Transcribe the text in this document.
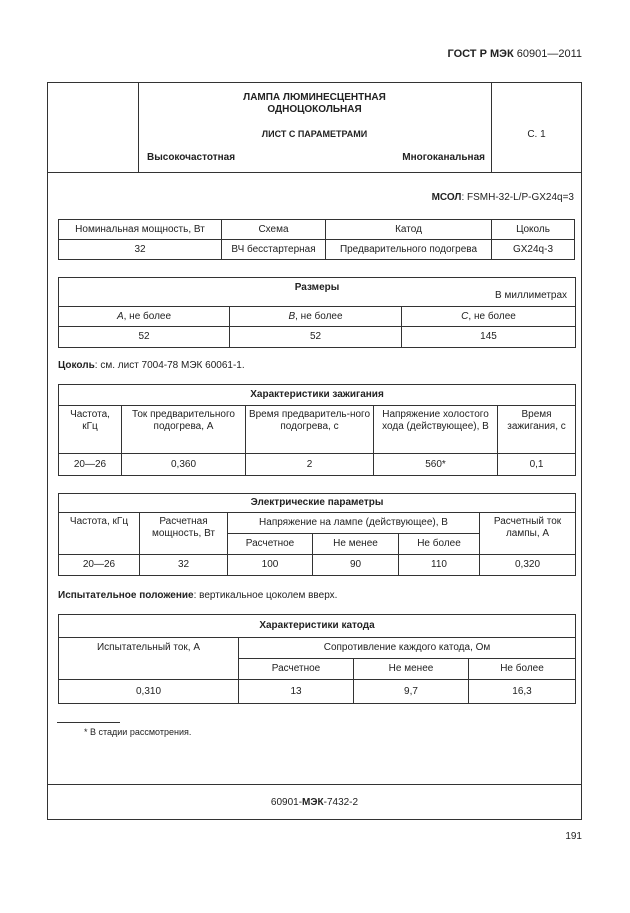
ГОСТ Р МЭК 60901—2011
ЛАМПА ЛЮМИНЕСЦЕНТНАЯ
ОДНОЦОКОЛЬНАЯ
ЛИСТ С ПАРАМЕТРАМИ
Высокочастотная	Многоканальная
С. 1
МСОЛ: FSMH-32-L/P-GX24q=3
Номинальная мощность, Вт	Схема	Катод	Цоколь
32	ВЧ бесстартерная	Предварительного подогрева	GX24q-3
Размеры
В миллиметрах		

A, не более	B, не более	C, не более
52	52	145
Цоколь: см. лист 7004-78 МЭК 60061-1.
Характеристики зажигания				
Частота, кГц	Ток предварительного подогрева, А	Время предваритель-ного подогрева, с	Напряжение холостого хода (действующее), В	Время зажигания, с
20—26	0,360	2	560*	0,1
Электрические параметры					
Частота, кГц	Расчетная мощность, Вт	Напряжение на лампе (действующее), В			Расчетный ток лампы, А
		Расчетное	Не менее	Не более	
20—26	32	100	90	110	0,320
Испытательное положение: вертикальное цоколем вверх.
Характеристики катода			
Испытательный ток, А	Сопротивление каждого катода, Ом		
	Расчетное	Не менее	Не более
0,310	13	9,7	16,3
* В стадии рассмотрения.
60901-МЭК-7432-2
191
